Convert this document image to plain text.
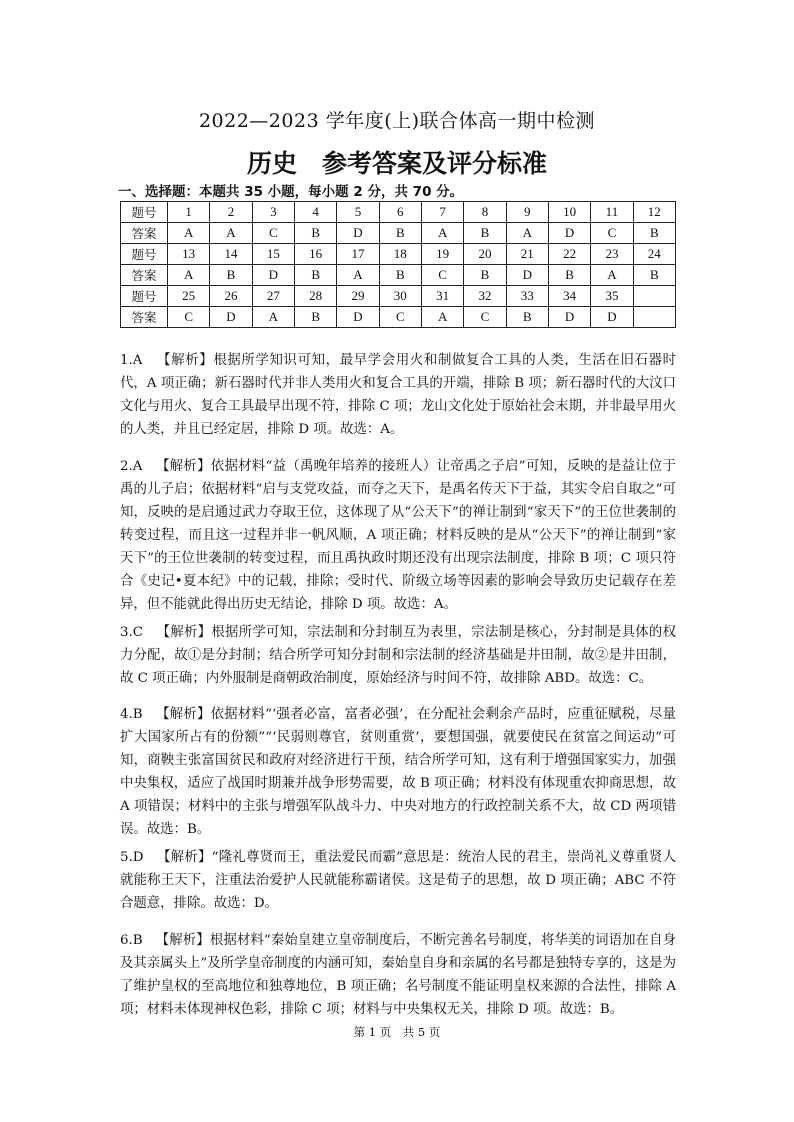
2022—2023 学年度(上)联合体高一期中检测
历史　参考答案及评分标准
一、选择题：本题共 35 小题，每小题 2 分，共 70 分。
题号	1	2	3	4	5	6	7	8	9	10	11	12
答案	A	A	C	B	D	B	A	B	A	D	C	B
题号	13	14	15	16	17	18	19	20	21	22	23	24
答案	A	B	D	B	A	B	C	B	D	B	A	B
题号	25	26	27	28	29	30	31	32	33	34	35	
答案	C	D	A	B	D	C	A	C	B	D	D	
1.A 【解析】根据所学知识可知，最早学会用火和制做复合工具的人类，生活在旧石器时代，A 项正确；新石器时代并非人类用火和复合工具的开端，排除 B 项；新石器时代的大汶口文化与用火、复合工具最早出现不符，排除 C 项；龙山文化处于原始社会末期，并非最早用火的人类，并且已经定居，排除 D 项。故选：A。
2.A 【解析】依据材料“益（禹晚年培养的接班人）让帝禹之子启”可知，反映的是益让位于禹的儿子启；依据材料“启与支党攻益，而夺之天下，是禹名传天下于益，其实令启自取之”可知，反映的是启通过武力夺取王位，这体现了从“公天下”的禅让制到“家天下”的王位世袭制的转变过程，而且这一过程并非一帆风顺，A 项正确；材料反映的是从“公天下”的禅让制到“家天下”的王位世袭制的转变过程，而且禹执政时期还没有出现宗法制度，排除 B 项；C 项只符合《史记•夏本纪》中的记载，排除；受时代、阶级立场等因素的影响会导致历史记载存在差异，但不能就此得出历史无结论，排除 D 项。故选：A。
3.C 【解析】根据所学可知，宗法制和分封制互为表里，宗法制是核心，分封制是具体的权力分配，故①是分封制；结合所学可知分封制和宗法制的经济基础是井田制，故②是井田制，故 C 项正确；内外服制是商朝政治制度，原始经济与时间不符，故排除 ABD。故选：C。
4.B 【解析】依据材料“‘强者必富，富者必强’，在分配社会剩余产品时，应重征赋税，尽量扩大国家所占有的份额”“‘民弱则尊官，贫则重赏’，要想国强，就要使民在贫富之间运动”可知，商鞅主张富国贫民和政府对经济进行干预，结合所学可知，这有利于增强国家实力，加强中央集权，适应了战国时期兼并战争形势需要，故 B 项正确；材料没有体现重农抑商思想，故 A 项错误；材料中的主张与增强军队战斗力、中央对地方的行政控制关系不大，故 CD 两项错误。故选：B。
5.D 【解析】“隆礼尊贤而王，重法爱民而霸”意思是：统治人民的君主，崇尚礼义尊重贤人就能称王天下，注重法治爱护人民就能称霸诸侯。这是荀子的思想，故 D 项正确；ABC 不符合题意，排除。故选：D。
6.B 【解析】根据材料“秦始皇建立皇帝制度后，不断完善名号制度，将华美的词语加在自身及其亲属头上”及所学皇帝制度的内涵可知，秦始皇自身和亲属的名号都是独特专享的，这是为了维护皇权的至高地位和独尊地位，B 项正确；名号制度不能证明皇权来源的合法性，排除 A 项；材料未体现神权色彩，排除 C 项；材料与中央集权无关，排除 D 项。故选：B。
第 1 页　共 5 页
